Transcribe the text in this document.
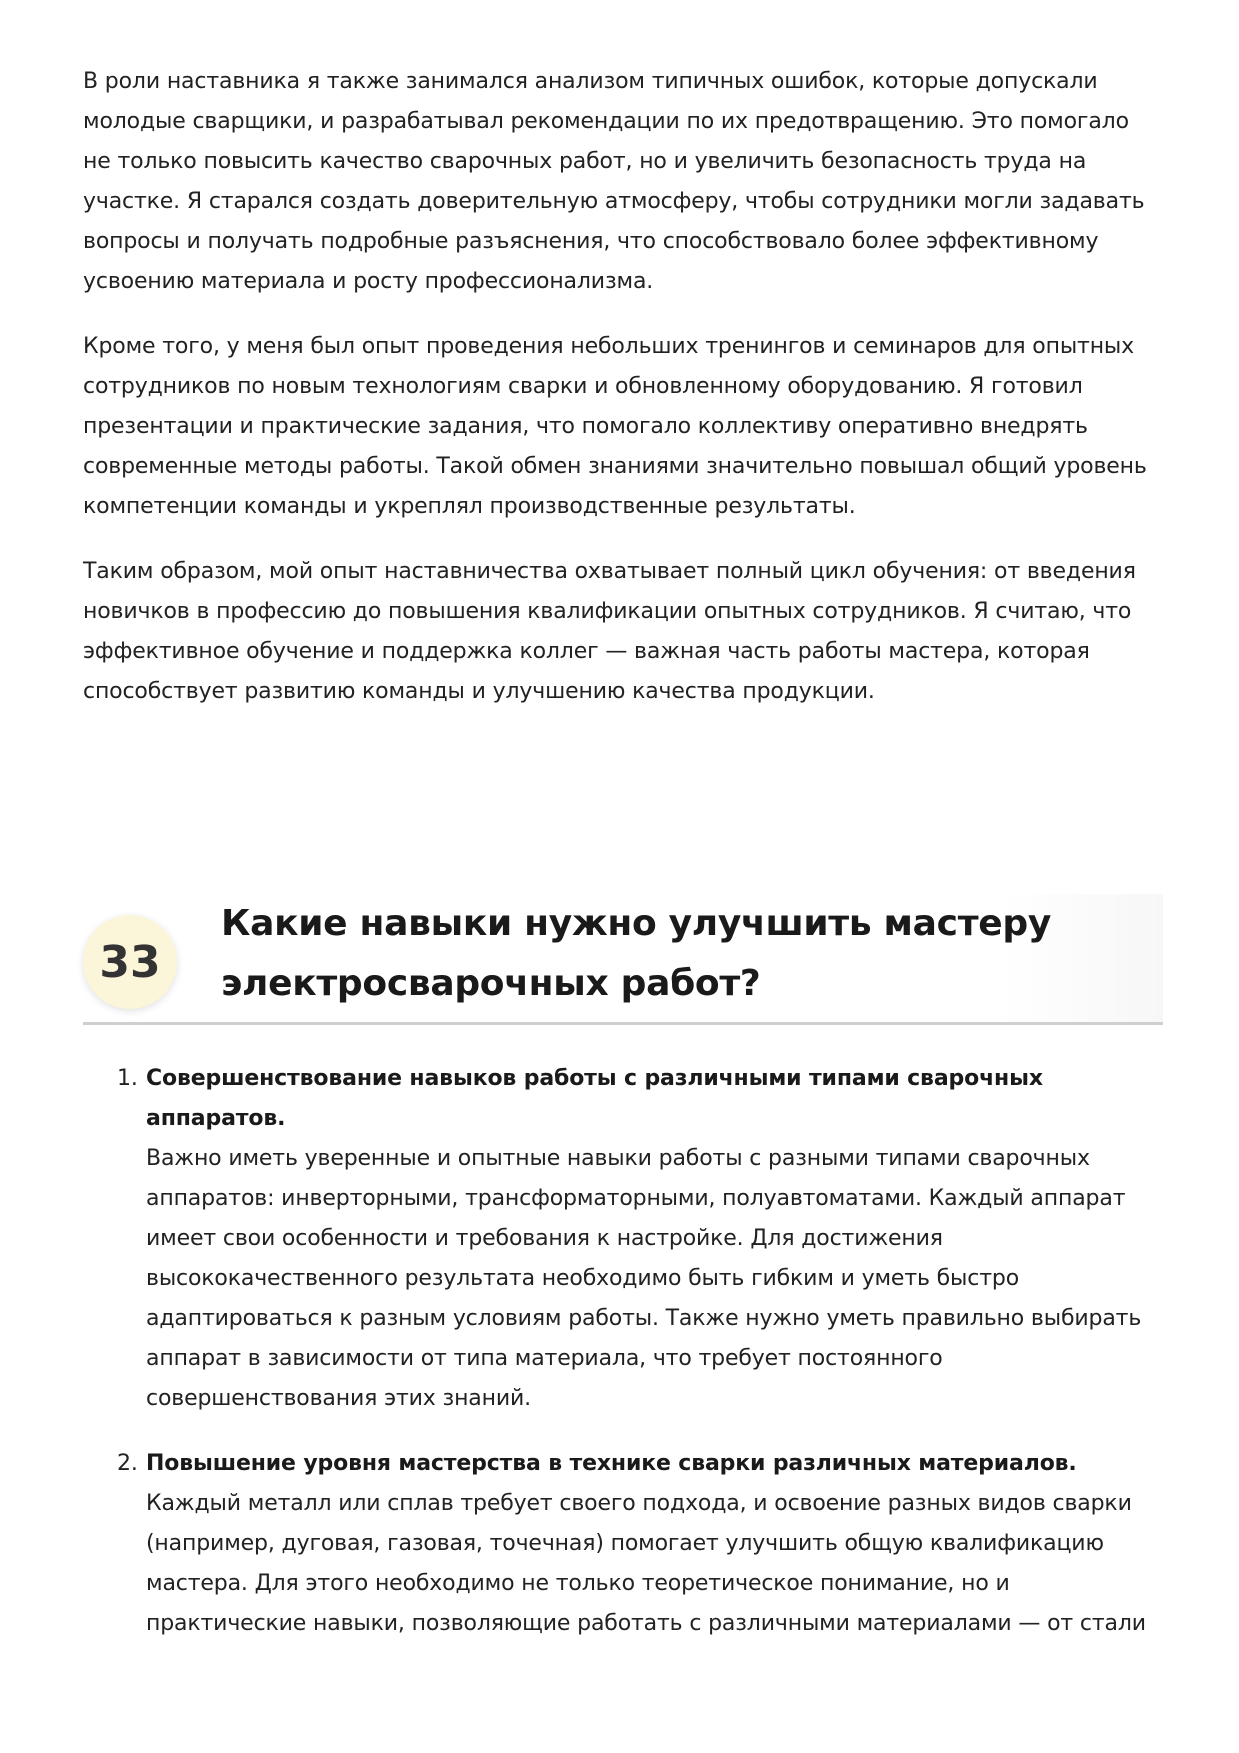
В роли наставника я также занимался анализом типичных ошибок, которые допускали молодые сварщики, и разрабатывал рекомендации по их предотвращению. Это помогало не только повысить качество сварочных работ, но и увеличить безопасность труда на участке. Я старался создать доверительную атмосферу, чтобы сотрудники могли задавать вопросы и получать подробные разъяснения, что способствовало более эффективному усвоению материала и росту профессионализма.

Кроме того, у меня был опыт проведения небольших тренингов и семинаров для опытных сотрудников по новым технологиям сварки и обновленному оборудованию. Я готовил презентации и практические задания, что помогало коллективу оперативно внедрять современные методы работы. Такой обмен знаниями значительно повышал общий уровень компетенции команды и укреплял производственные результаты.

Таким образом, мой опыт наставничества охватывает полный цикл обучения: от введения новичков в профессию до повышения квалификации опытных сотрудников. Я считаю, что эффективное обучение и поддержка коллег — важная часть работы мастера, которая способствует развитию команды и улучшению качества продукции.

33
Какие навыки нужно улучшить мастеру электросварочных работ?
1. Совершенствование навыков работы с различными типами сварочных аппаратов.
Важно иметь уверенные и опытные навыки работы с разными типами сварочных аппаратов: инверторными, трансформаторными, полуавтоматами. Каждый аппарат имеет свои особенности и требования к настройке. Для достижения высококачественного результата необходимо быть гибким и уметь быстро адаптироваться к разным условиям работы. Также нужно уметь правильно выбирать аппарат в зависимости от типа материала, что требует постоянного совершенствования этих знаний.
2. Повышение уровня мастерства в технике сварки различных материалов.
Каждый металл или сплав требует своего подхода, и освоение разных видов сварки (например, дуговая, газовая, точечная) помогает улучшить общую квалификацию мастера. Для этого необходимо не только теоретическое понимание, но и практические навыки, позволяющие работать с различными материалами — от стали
